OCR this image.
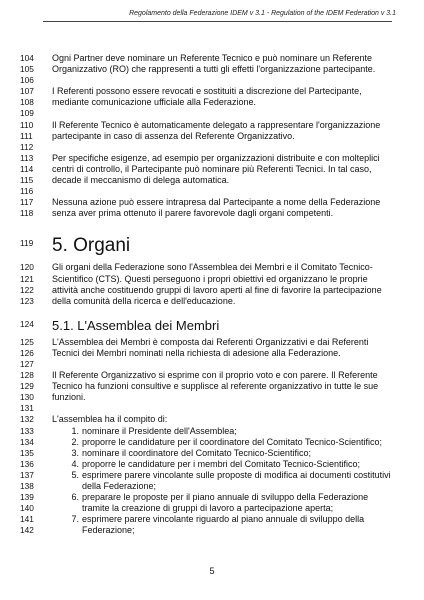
Regolamento della Federazione IDEM v 3.1 - Regulation of the IDEM Federation v 3.1
104	Ogni Partner deve nominare un Referente Tecnico e può nominare un Referente
105	Organizzativo (RO) che rappresenti a tutti gli effetti l'organizzazione partecipante.
106
107	I Referenti possono essere revocati e sostituiti a discrezione del Partecipante,
108	mediante comunicazione ufficiale alla Federazione.
109
110	Il Referente Tecnico è automaticamente delegato a rappresentare l'organizzazione
111	partecipante in caso di assenza del Referente Organizzativo.
112
113	Per specifiche esigenze, ad esempio per organizzazioni distribuite e con molteplici
114	centri di controllo, il Partecipante può nominare più Referenti Tecnici. In tal caso,
115	decade il meccanismo di delega automatica.
116
117	Nessuna azione può essere intrapresa dal Partecipante a nome della Federazione
118	senza aver prima ottenuto il parere favorevole dagli organi competenti.
119 5. Organi
120	Gli organi della Federazione sono l'Assemblea dei Membri e il Comitato Tecnico-
121	Scientifico (CTS). Questi perseguono i propri obiettivi ed organizzano le proprie
122	attività anche costituendo gruppi di lavoro aperti al fine di favorire la partecipazione
123	della comunità della ricerca e dell'educazione.
124	5.1. L'Assemblea dei Membri
125	L'Assemblea dei Membri è composta dai Referenti Organizzativi e dai Referenti
126	Tecnici dei Membri nominati nella richiesta di adesione alla Federazione.
127
128	Il Referente Organizzativo si esprime con il proprio voto e con parere. Il Referente
129	Tecnico ha funzioni consultive e supplisce al referente organizzativo in tutte le sue
130	funzioni.
131
132	L'assemblea ha il compito di:
133	1. nominare il Presidente dell'Assemblea;
134	2. proporre le candidature per il coordinatore del Comitato Tecnico-Scientifico;
135	3. nominare il coordinatore del Comitato Tecnico-Scientifico;
136	4. proporre le candidature per i membri del Comitato Tecnico-Scientifico;
137	5. esprimere parere vincolante sulle proposte di modifica ai documenti costitutivi
138	della Federazione;
139	6. preparare le proposte per il piano annuale di sviluppo della Federazione
140	tramite la creazione di gruppi di lavoro a partecipazione aperta;
141	7. esprimere parere vincolante riguardo al piano annuale di sviluppo della
142	Federazione;
5
